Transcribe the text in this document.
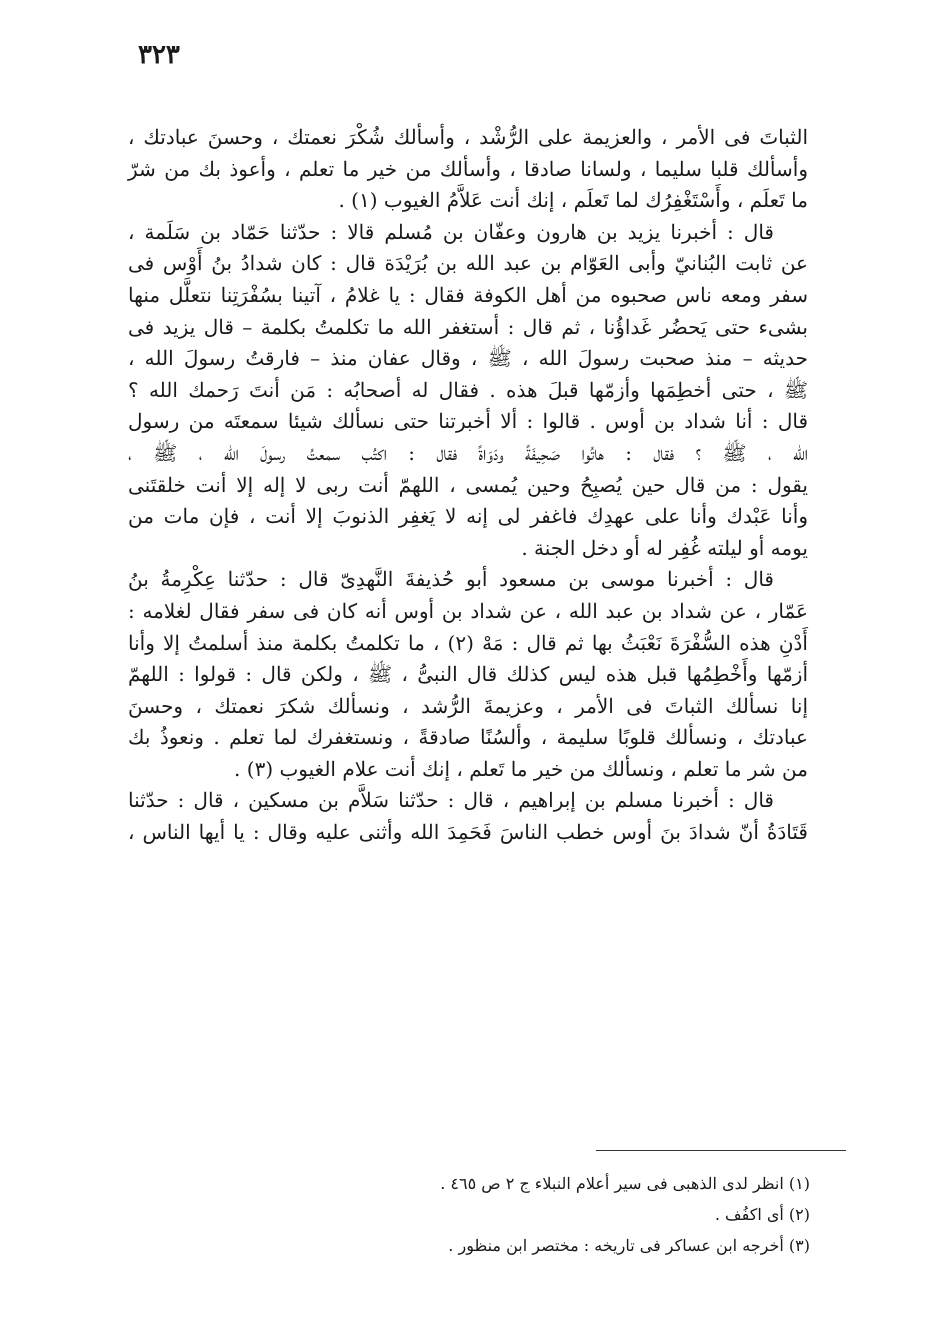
٣٢٣

الثباتَ فى الأمر ، والعزيمة على الرُّشْد ، وأسألك شُكْرَ نعمتك ، وحسنَ عبادتك ،
وأسألك قلبا سليما ، ولسانا صادقا ، وأسألك من خير ما تعلم ، وأعوذ بك من شرّ
ما تَعلَم ، وأَسْتَغْفِرُك لما تَعلَم ، إنك أنت عَلاَّمُ الغيوب (١) .

قال : أخبرنا يزيد بن هارون وعفّان بن مُسلم قالا : حدّثنا حَمّاد بن سَلَمة ،
عن ثابت البُنانيّ وأبى العَوّام بن عبد الله بن بُرَيْدَة قال : كان شدادُ بنُ أَوْس فى
سفر ومعه ناس صحبوه من أهل الكوفة فقال : يا غلامُ ، آتينا بسُفْرَتِنا نتعلَّل منها
بشىء حتى يَحضُر غَداؤُنا ، ثم قال : أستغفر الله ما تكلمتُ بكلمة – قال يزيد فى
حديثه – منذ صحبت رسولَ الله ، ﷺ ، وقال عفان منذ – فارقتُ رسولَ الله ،
ﷺ ، حتى أخطِمَها وأزمّها قبلَ هذه . فقال له أصحابُه : مَن أنتَ رَحمك الله ؟
قال : أنا شداد بن أوس . قالوا : ألا أخبرتنا حتى نسألك شيئا سمعتَه من رسول
الله ، ﷺ ؟ فقال : هاتُوا صَحِيفَةً ودَوَاةً فقال : اكتُب سمعتُ رسولَ الله ، ﷺ ،
يقول : من قال حين يُصبِحُ وحين يُمسى ، اللهمّ أنت ربى لا إله إلا أنت خلقتَنى
وأنا عَبْدك وأنا على عهدِك فاغفر لى إنه لا يَغفِر الذنوبَ إلا أنت ، فإن مات من
يومه أو ليلته غُفِر له أو دخل الجنة .

قال : أخبرنا موسى بن مسعود أبو حُذيفةَ النَّهدِىّ قال : حدّثنا عِكْرِمةُ بنُ
عَمّار ، عن شداد بن عبد الله ، عن شداد بن أوس أنه كان فى سفر فقال لغلامه :
أَدْنِ هذه السُّفْرَةَ نَعْبَثُ بها ثم قال : مَهْ (٢) ، ما تكلمتُ بكلمة منذ أسلمتُ إلا وأنا
أزمّها وأَخْطِمُها قبل هذه ليس كذلك قال النبىُّ ، ﷺ ، ولكن قال : قولوا : اللهمّ
إنا نسألك الثباتَ فى الأمر ، وعزيمةَ الرُّشد ، ونسألك شكرَ نعمتك ، وحسنَ
عبادتك ، ونسألك قلوبًا سليمة ، وألسُنًا صادقةً ، ونستغفرك لما تعلم . ونعوذُ بك
من شر ما تعلم ، ونسألك من خير ما تَعلم ، إنك أنت علام الغيوب (٣) .

قال : أخبرنا مسلم بن إبراهيم ، قال : حدّثنا سَلاَّم بن مسكين ، قال : حدّثنا
قَتَادَةُ أنّ شدادَ بنَ أوس خطب الناسَ فَحَمِدَ الله وأثنى عليه وقال : يا أيها الناس ،

(١) انظر لدى الذهبى فى سير أعلام النبلاء ج ٢ ص ٤٦٥ .
(٢) أى اكفُف .
(٣) أخرجه ابن عساكر فى تاريخه : مختصر ابن منظور .
